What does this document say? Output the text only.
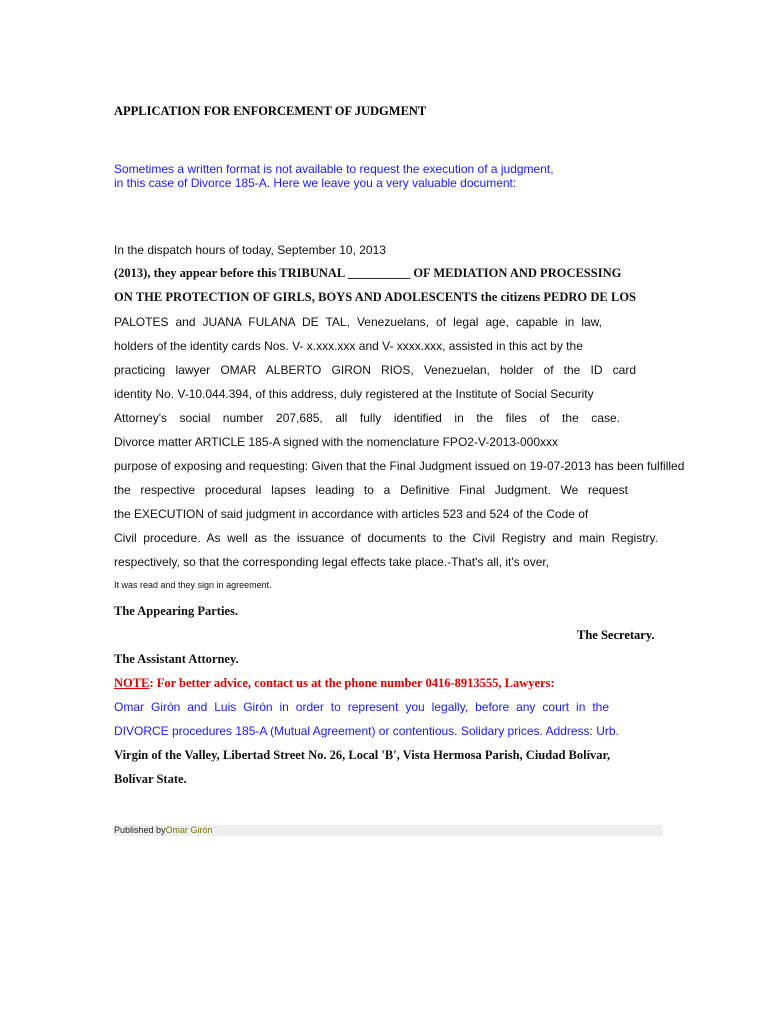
APPLICATION FOR ENFORCEMENT OF JUDGMENT
Sometimes a written format is not available to request the execution of a judgment,
in this case of Divorce 185-A. Here we leave you a very valuable document:
In the dispatch hours of today, September 10, 2013
(2013), they appear before this TRIBUNAL __________ OF MEDIATION AND PROCESSING
ON THE PROTECTION OF GIRLS, BOYS AND ADOLESCENTS the citizens PEDRO DE LOS
PALOTES and JUANA FULANA DE TAL, Venezuelans, of legal age, capable in law,
holders of the identity cards Nos. V- x.xxx.xxx and V- xxxx.xxx, assisted in this act by the
practicing lawyer OMAR ALBERTO GIRON RIOS, Venezuelan, holder of the ID card
identity No. V-10.044.394, of this address, duly registered at the Institute of Social Security
Attorney's social number 207,685, all fully identified in the files of the case.
Divorce matter ARTICLE 185-A signed with the nomenclature FPO2-V-2013-000xxx
purpose of exposing and requesting: Given that the Final Judgment issued on 19-07-2013 has been fulfilled
the respective procedural lapses leading to a Definitive Final Judgment. We request
the EXECUTION of said judgment in accordance with articles 523 and 524 of the Code of
Civil procedure. As well as the issuance of documents to the Civil Registry and main Registry.
respectively, so that the corresponding legal effects take place.-That's all, it's over,
It was read and they sign in agreement.
The Appearing Parties.
The Secretary.
The Assistant Attorney.
NOTE: For better advice, contact us at the phone number 0416-8913555, Lawyers:
Omar Girón and Luis Girón in order to represent you legally, before any court in the
DIVORCE procedures 185-A (Mutual Agreement) or contentious. Solidary prices. Address: Urb.
Virgin of the Valley, Libertad Street No. 26, Local 'B', Vista Hermosa Parish, Ciudad Bolívar,
Bolívar State.
Published byOmar Girón
